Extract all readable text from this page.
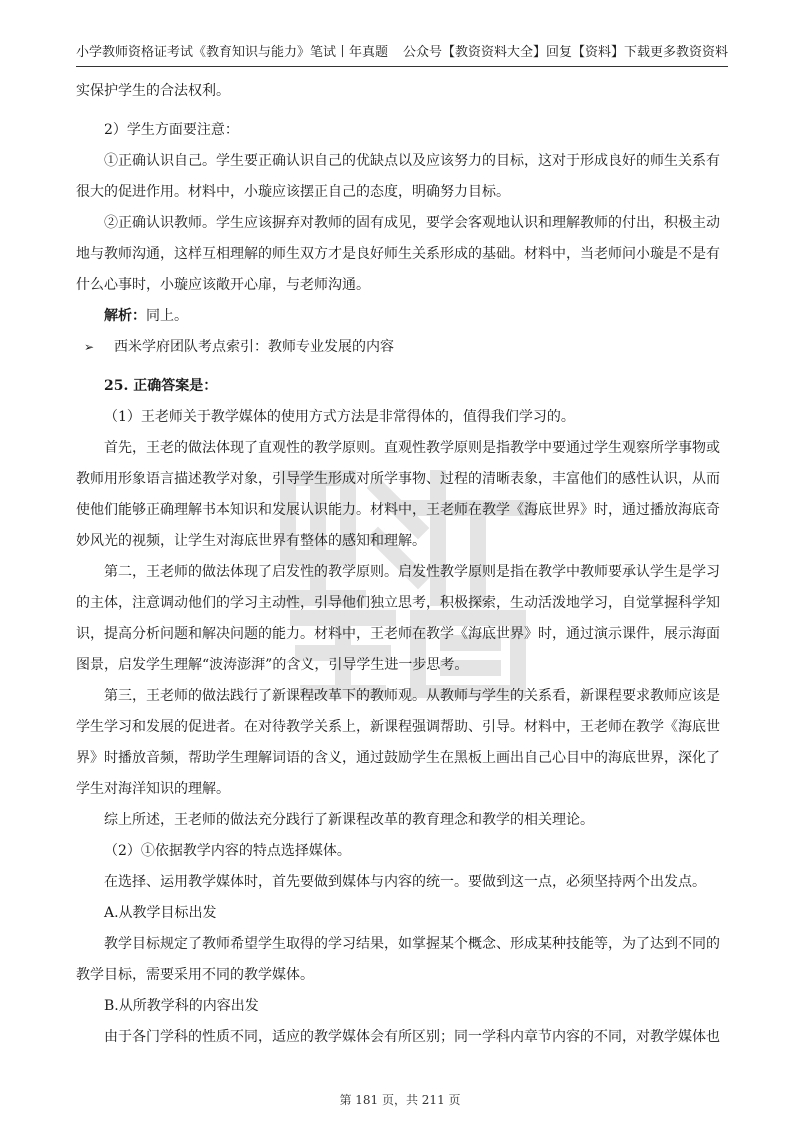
小学教师资格证考试《教育知识与能力》笔试丨年真题 公众号【教资资料大全】回复【资料】下载更多教资资料
实保护学生的合法权利。
2）学生方面要注意：
①正确认识自己。学生要正确认识自己的优缺点以及应该努力的目标，这对于形成良好的师生关系有
很大的促进作用。材料中，小璇应该摆正自己的态度，明确努力目标。
②正确认识教师。学生应该摒弃对教师的固有成见，要学会客观地认识和理解教师的付出，积极主动
地与教师沟通，这样互相理解的师生双方才是良好师生关系形成的基础。材料中，当老师问小璇是不是有
什么心事时，小璇应该敞开心扉，与老师沟通。
解析：同上。
➢ 西米学府团队考点索引：教师专业发展的内容
25. 正确答案是：
（1）王老师关于教学媒体的使用方式方法是非常得体的，值得我们学习的。
首先，王老的做法体现了直观性的教学原则。直观性教学原则是指教学中要通过学生观察所学事物或
教师用形象语言描述教学对象，引导学生形成对所学事物、过程的清晰表象，丰富他们的感性认识，从而
使他们能够正确理解书本知识和发展认识能力。材料中，王老师在教学《海底世界》时，通过播放海底奇
妙风光的视频，让学生对海底世界有整体的感知和理解。
第二，王老师的做法体现了启发性的教学原则。启发性教学原则是指在教学中教师要承认学生是学习
的主体，注意调动他们的学习主动性，引导他们独立思考，积极探索，生动活泼地学习，自觉掌握科学知
识，提高分析问题和解决问题的能力。材料中，王老师在教学《海底世界》时，通过演示课件，展示海面
图景，启发学生理解“波涛澎湃”的含义，引导学生进一步思考。
第三，王老师的做法践行了新课程改革下的教师观。从教师与学生的关系看，新课程要求教师应该是
学生学习和发展的促进者。在对待教学关系上，新课程强调帮助、引导。材料中，王老师在教学《海底世
界》时播放音频，帮助学生理解词语的含义，通过鼓励学生在黑板上画出自己心目中的海底世界，深化了
学生对海洋知识的理解。
综上所述，王老师的做法充分践行了新课程改革的教育理念和教学的相关理论。
（2）①依据教学内容的特点选择媒体。
在选择、运用教学媒体时，首先要做到媒体与内容的统一。要做到这一点，必须坚持两个出发点。
A.从教学目标出发
教学目标规定了教师希望学生取得的学习结果，如掌握某个概念、形成某种技能等，为了达到不同的
教学目标，需要采用不同的教学媒体。
B.从所教学科的内容出发
由于各门学科的性质不同，适应的教学媒体会有所区别；同一学科内章节内容的不同，对教学媒体也
第 181 页，共 211 页
